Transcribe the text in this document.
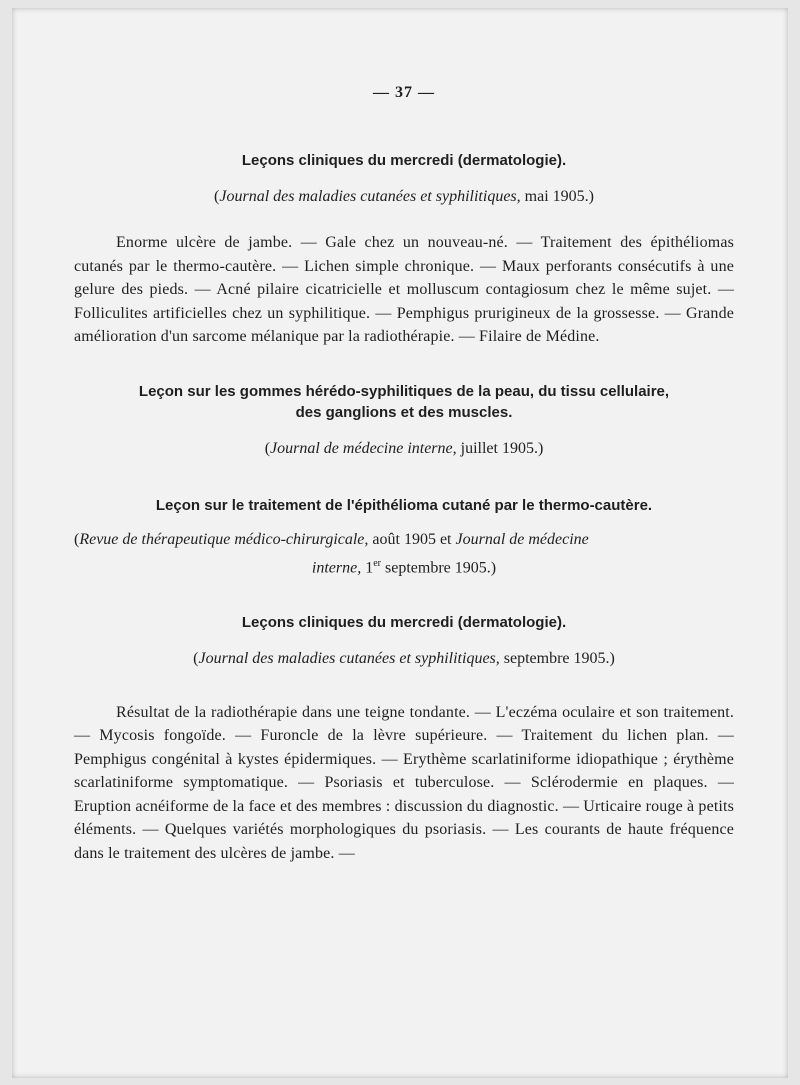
— 37 —

Leçons cliniques du mercredi (dermatologie).

(Journal des maladies cutanées et syphilitiques, mai 1905.)

Enorme ulcère de jambe. — Gale chez un nouveau-né. — Traitement des épithéliomas cutanés par le thermo-cautère. — Lichen simple chronique. — Maux perforants consécutifs à une gelure des pieds. — Acné pilaire cicatricielle et molluscum contagiosum chez le même sujet. — Folliculites artificielles chez un syphilitique. — Pemphigus prurigineux de la grossesse. — Grande amélioration d'un sarcome mélanique par la radiothérapie. — Filaire de Médine.

Leçon sur les gommes hérédo-syphilitiques de la peau, du tissu cellulaire,
des ganglions et des muscles.

(Journal de médecine interne, juillet 1905.)

Leçon sur le traitement de l'épithélioma cutané par le thermo-cautère.

(Revue de thérapeutique médico-chirurgicale, août 1905 et Journal de médecine
interne, 1er septembre 1905.)

Leçons cliniques du mercredi (dermatologie).

(Journal des maladies cutanées et syphilitiques, septembre 1905.)

Résultat de la radiothérapie dans une teigne tondante. — L'eczéma oculaire et son traitement. — Mycosis fongoïde. — Furoncle de la lèvre supérieure. — Traitement du lichen plan. — Pemphigus congénital à kystes épidermiques. — Erythème scarlatiniforme idiopathique ; érythème scarlatiniforme symptomatique. — Psoriasis et tuberculose. — Sclérodermie en plaques. — Eruption acnéiforme de la face et des membres : discussion du diagnostic. — Urticaire rouge à petits éléments. — Quelques variétés morphologiques du psoriasis. — Les courants de haute fréquence dans le traitement des ulcères de jambe. —
